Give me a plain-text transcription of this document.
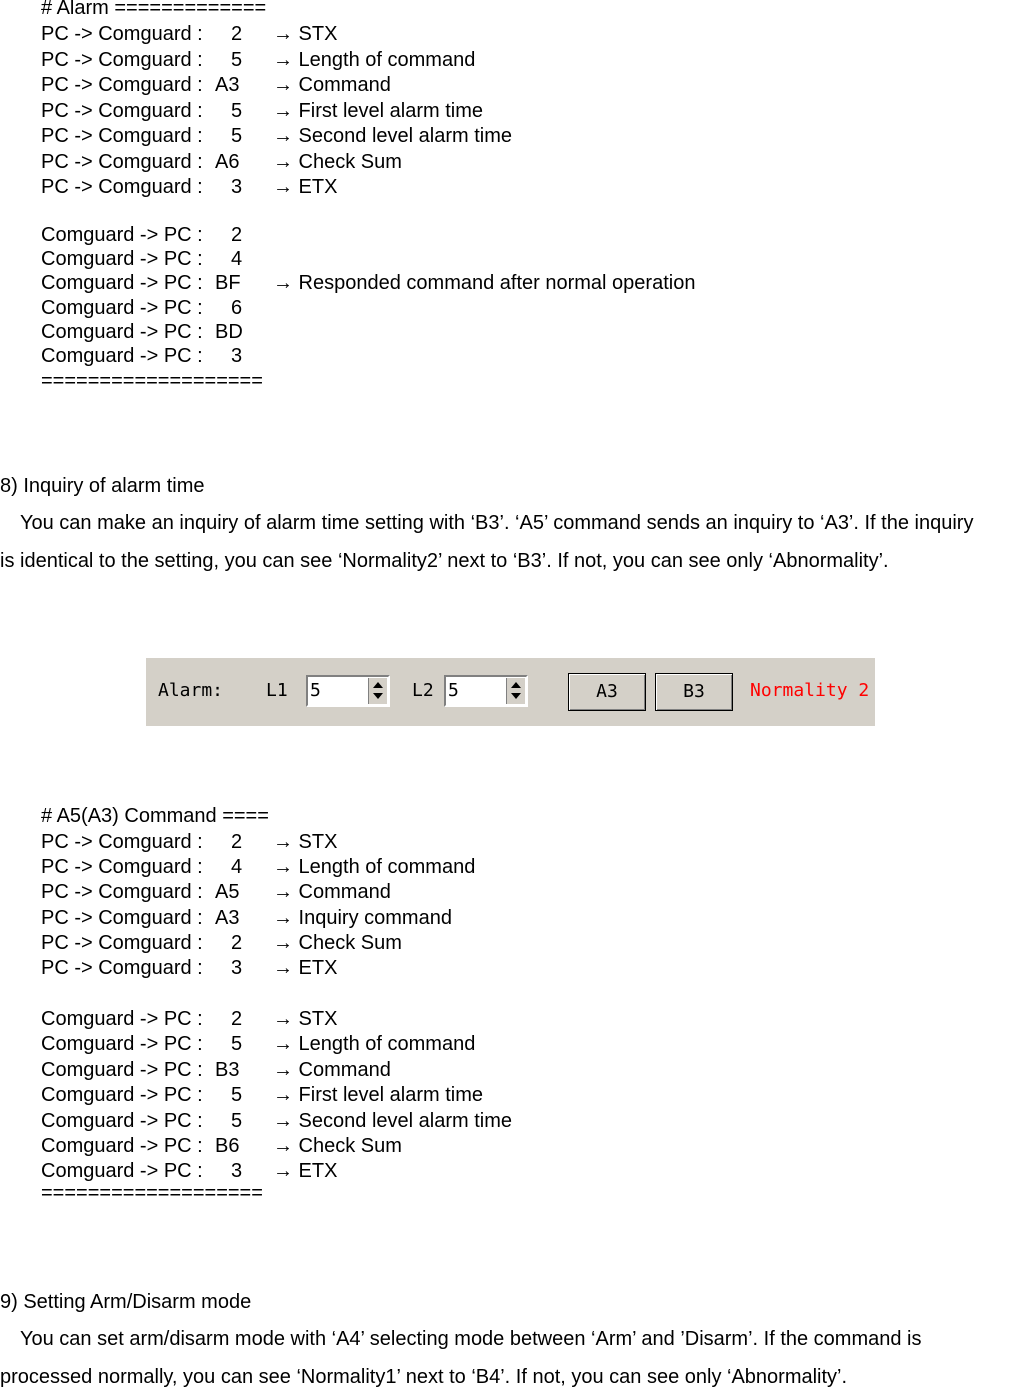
# Alarm =============
PC -> Comguard : 2 → STX
PC -> Comguard : 5 → Length of command
PC -> Comguard : A3 → Command
PC -> Comguard : 5 → First level alarm time
PC -> Comguard : 5 → Second level alarm time
PC -> Comguard : A6 → Check Sum
PC -> Comguard : 3 → ETX
Comguard -> PC : 2
Comguard -> PC : 4
Comguard -> PC : BF → Responded command after normal operation
Comguard -> PC : 6
Comguard -> PC : BD
Comguard -> PC : 3
===================
8) Inquiry of alarm time
You can make an inquiry of alarm time setting with ‘B3’. ‘A5’ command sends an inquiry to ‘A3’. If the inquiry
is identical to the setting, you can see ‘Normality2’ next to ‘B3’. If not, you can see only ‘Abnormality’.
Alarm: L1 5	L2 5	A3	B3	Normality 2
# A5(A3) Command ====
PC -> Comguard : 2 → STX
PC -> Comguard : 4 → Length of command
PC -> Comguard : A5 → Command
PC -> Comguard : A3 → Inquiry command
PC -> Comguard : 2 → Check Sum
PC -> Comguard : 3 → ETX
Comguard -> PC : 2 → STX
Comguard -> PC : 5 → Length of command
Comguard -> PC : B3 → Command
Comguard -> PC : 5 → First level alarm time
Comguard -> PC : 5 → Second level alarm time
Comguard -> PC : B6 → Check Sum
Comguard -> PC : 3 → ETX
===================
9) Setting Arm/Disarm mode
You can set arm/disarm mode with ‘A4’ selecting mode between ‘Arm’ and ’Disarm’. If the command is
processed normally, you can see ‘Normality1’ next to ‘B4’. If not, you can see only ‘Abnormality’.
